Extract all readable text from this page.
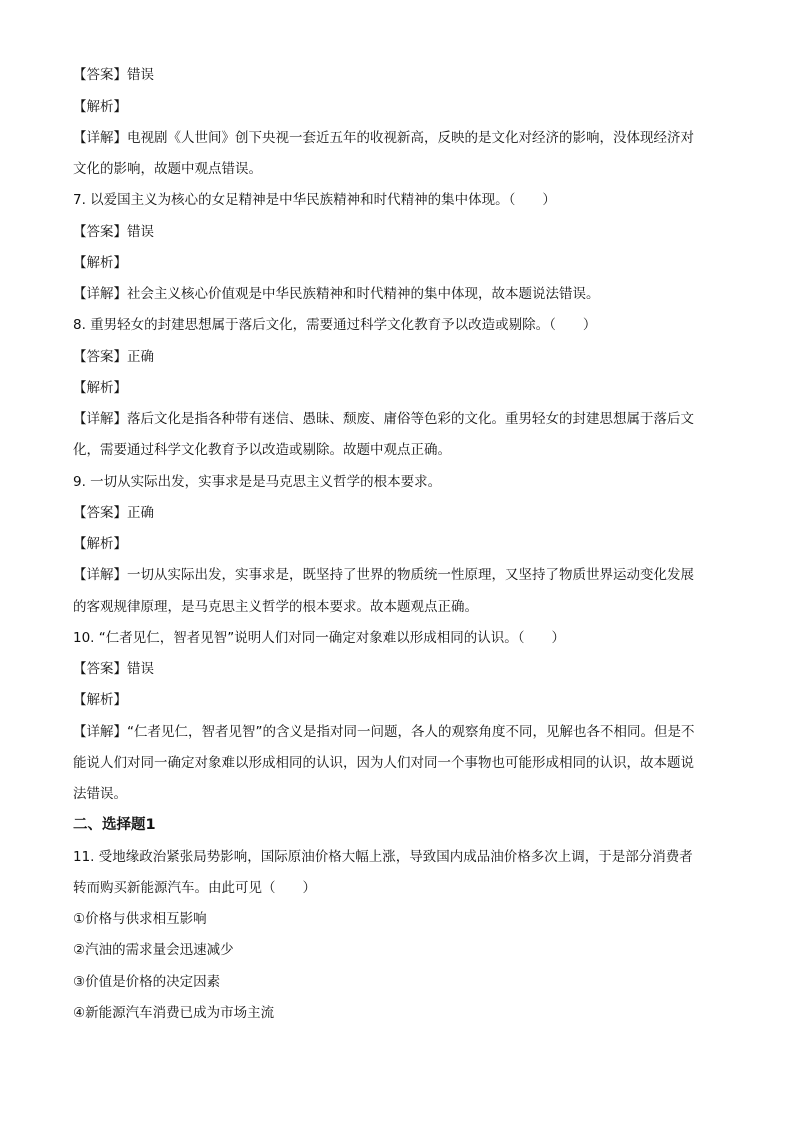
【答案】错误
【解析】
【详解】电视剧《人世间》创下央视一套近五年的收视新高，反映的是文化对经济的影响，没体现经济对
文化的影响，故题中观点错误。
7. 以爱国主义为核心的女足精神是中华民族精神和时代精神的集中体现。（　　）
【答案】错误
【解析】
【详解】社会主义核心价值观是中华民族精神和时代精神的集中体现，故本题说法错误。
8. 重男轻女的封建思想属于落后文化，需要通过科学文化教育予以改造或剔除。（　　）
【答案】正确
【解析】
【详解】落后文化是指各种带有迷信、愚昧、颓废、庸俗等色彩的文化。重男轻女的封建思想属于落后文
化，需要通过科学文化教育予以改造或剔除。故题中观点正确。
9. 一切从实际出发，实事求是是马克思主义哲学的根本要求。
【答案】正确
【解析】
【详解】一切从实际出发，实事求是，既坚持了世界的物质统一性原理，又坚持了物质世界运动变化发展
的客观规律原理，是马克思主义哲学的根本要求。故本题观点正确。
10. “仁者见仁，智者见智”说明人们对同一确定对象难以形成相同的认识。（　　）
【答案】错误
【解析】
【详解】“仁者见仁，智者见智”的含义是指对同一问题，各人的观察角度不同，见解也各不相同。但是不
能说人们对同一确定对象难以形成相同的认识，因为人们对同一个事物也可能形成相同的认识，故本题说
法错误。
二、选择题1
11. 受地缘政治紧张局势影响，国际原油价格大幅上涨，导致国内成品油价格多次上调，于是部分消费者
转而购买新能源汽车。由此可见（　　）
①价格与供求相互影响
②汽油的需求量会迅速减少
③价值是价格的决定因素
④新能源汽车消费已成为市场主流
